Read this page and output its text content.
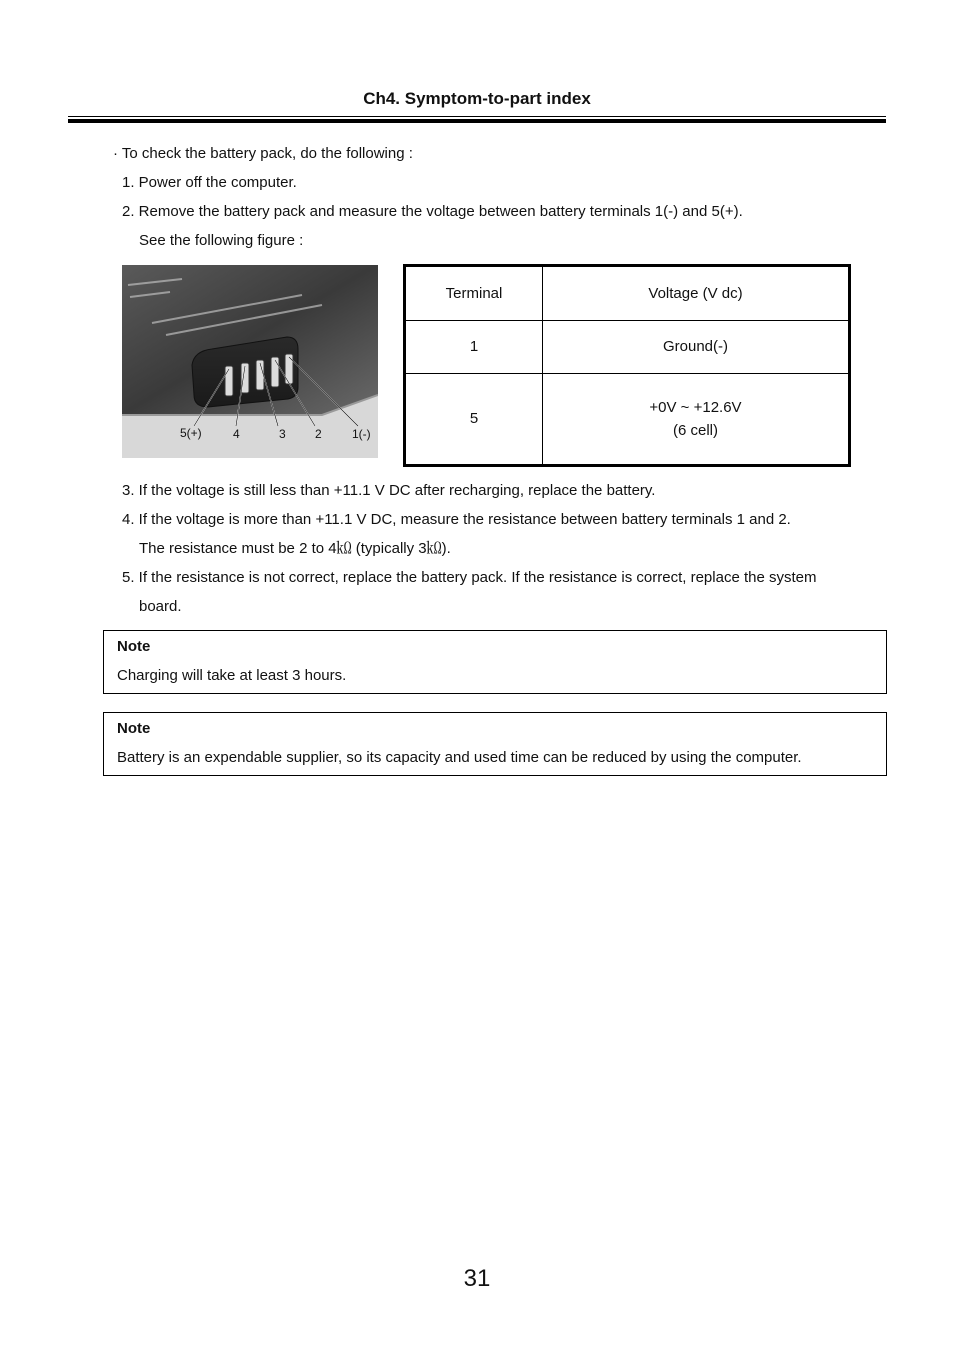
Ch4. Symptom-to-part index
· To check the battery pack, do the following :
1. Power off the computer.
2. Remove the battery pack and measure the voltage between battery terminals 1(-) and 5(+).
See the following figure :
5(+)	4	3 2	1(-)
Terminal	Voltage (V dc)
1	Ground(-)
5	+0V ~ +12.6V
(6 cell)
3. If the voltage is still less than +11.1 V DC after recharging, replace the battery.
4. If the voltage is more than +11.1 V DC, measure the resistance between battery terminals 1 and 2.
The resistance must be 2 to 4㏀ (typically 3㏀).
5. If the resistance is not correct, replace the battery pack. If the resistance is correct, replace the system
board.
Note
Charging will take at least 3 hours.
Note
Battery is an expendable supplier, so its capacity and used time can be reduced by using the computer.
31
